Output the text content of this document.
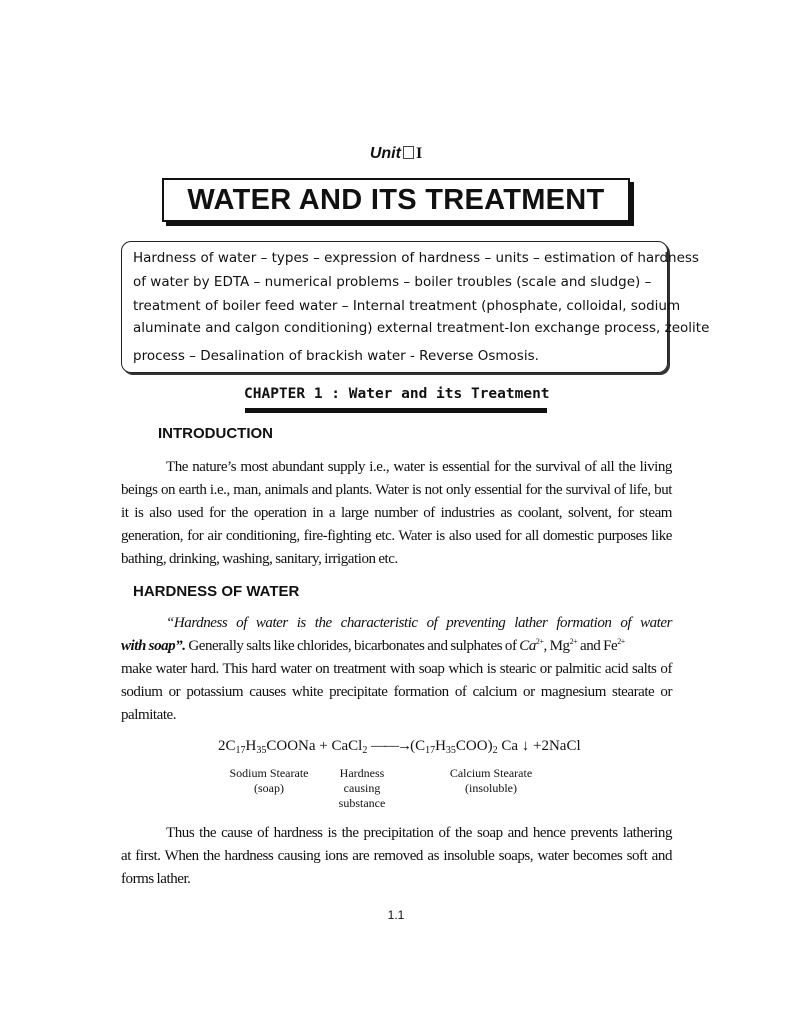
Unit I
WATER AND ITS TREATMENT
Hardness of water – types – expression of hardness – units – estimation of hardness
of water by EDTA – numerical problems – boiler troubles (scale and sludge) –
treatment of boiler feed water – Internal treatment (phosphate, colloidal, sodium
aluminate and calgon conditioning) external treatment-Ion exchange process, zeolite
process – Desalination of brackish water - Reverse Osmosis.
CHAPTER 1 : Water and its Treatment
INTRODUCTION
The nature’s most abundant supply i.e., water is essential for the survival of all the living
beings on earth i.e., man, animals and plants. Water is not only essential for the survival of life, but
it is also used for the operation in a large number of industries as coolant, solvent, for steam
generation, for air conditioning, fire-fighting etc. Water is also used for all domestic purposes like
bathing, drinking, washing, sanitary, irrigation etc.
HARDNESS OF WATER
“Hardness of water is the characteristic of preventing lather formation of water
with soap”. Generally salts like chlorides, bicarbonates and sulphates of $Ca^{2+}$, $Mg^{2+}$ and $Fe^{2+}$
make water hard. This hard water on treatment with soap which is stearic or palmitic acid salts of
sodium or potassium causes white precipitate formation of calcium or magnesium stearate or
palmitate.
$2C_{17}H_{35}COONa$ + CaCl$_2$ $——\to(C_{17}H_{35}COO)_2$ Ca ↓ +2NaCl
Sodium Stearate
(soap)
Hardness
causing
substance
Calcium Stearate
(insoluble)
Thus the cause of hardness is the precipitation of the soap and hence prevents lathering
at first. When the hardness causing ions are removed as insoluble soaps, water becomes soft and
forms lather.
1.1
